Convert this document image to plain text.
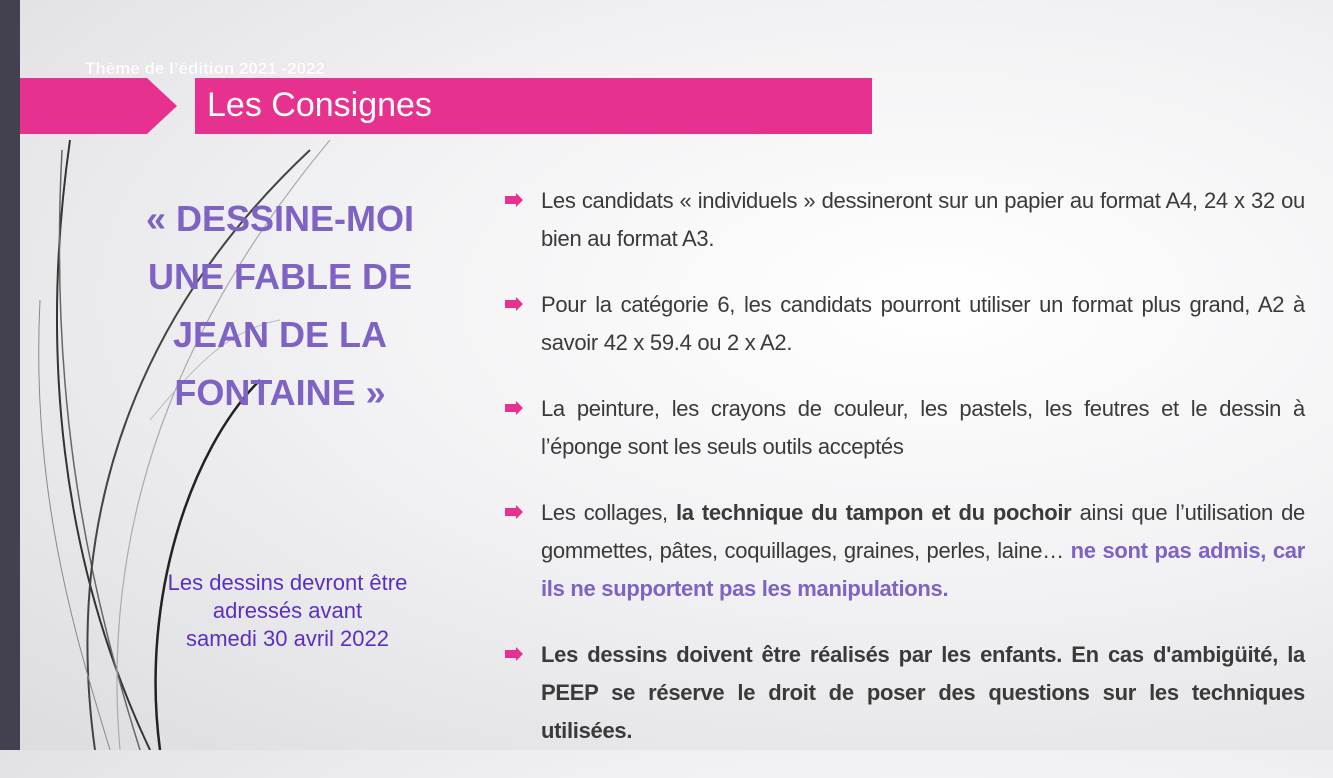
Thème de l’édition 2021 -2022
Les Consignes
« DESSINE-MOI
UNE FABLE DE
JEAN DE LA
FONTAINE »
Les dessins devront être
adressés avant
samedi 30 avril 2022
Les candidats « individuels » dessineront sur un papier au format A4, 24 x 32 ou bien au format A3.
Pour la catégorie 6, les candidats pourront utiliser un format plus grand, A2 à savoir 42 x 59.4 ou 2 x A2.
La peinture, les crayons de couleur, les pastels, les feutres et le dessin à l’éponge sont les seuls outils acceptés
Les collages, la technique du tampon et du pochoir ainsi que l’utilisation de gommettes, pâtes, coquillages, graines, perles, laine… ne sont pas admis, car ils ne supportent pas les manipulations.
Les dessins doivent être réalisés par les enfants. En cas d'ambigüité, la PEEP se réserve le droit de poser des questions sur les techniques utilisées.
